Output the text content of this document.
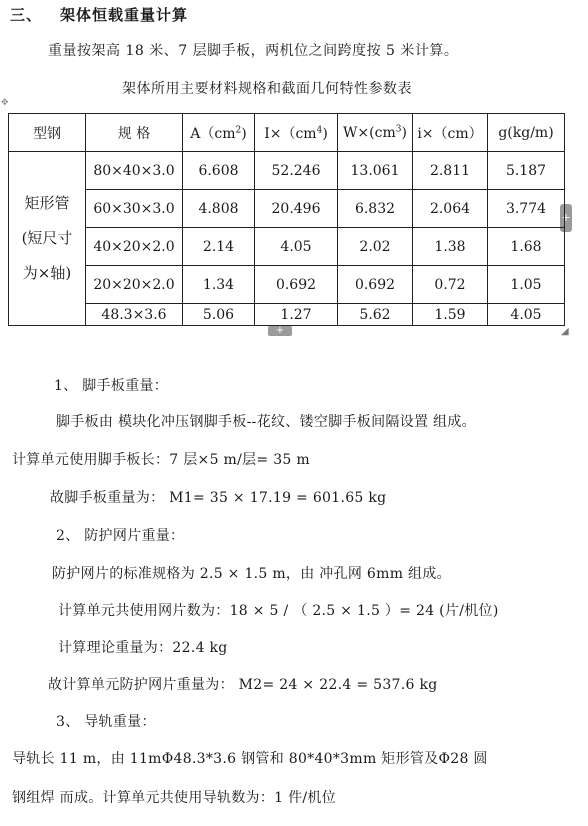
三、 架体恒载重量计算
重量按架高 18 米、7 层脚手板，两机位之间跨度按 5 米计算。
架体所用主要材料规格和截面几何特性参数表
✥
+
+	◢
型钢	规 格	$A(cm^2)$	$I\times(cm^4)$	$W\times(cm^3)$	i×（cm）	g(kg/m)

矩形管
(短尺寸
为×轴)	80×40×3.0	6.608	52.246	13.061	2.811	5.187
	60×30×3.0	4.808	20.496	6.832	2.064	3.774
	40×20×2.0	2.14	4.05	2.02	1.38	1.68
	20×20×2.0	1.34	0.692	0.692	0.72	1.05
	48.3×3.6	5.06	1.27	5.62	1.59	4.05
1、 脚手板重量：
脚手板由 模块化冲压钢脚手板--花纹、镂空脚手板间隔设置 组成。
计算单元使用脚手板长：7 层×5 m/层= 35 m
故脚手板重量为： M1= 35 × 17.19 = 601.65 kg
2、 防护网片重量：
防护网片的标准规格为 2.5 × 1.5 m，由 冲孔网 6mm 组成。
计算单元共使用网片数为：18 × 5 / （ 2.5 × 1.5 ）= 24 (片/机位)
计算理论重量为：22.4 kg
故计算单元防护网片重量为： M2= 24 × 22.4 = 537.6 kg
3、 导轨重量：
导轨长 11 m，由 11mΦ48.3*3.6 钢管和 80*40*3mm 矩形管及Φ28 圆
钢组焊 而成。计算单元共使用导轨数为：1 件/机位
